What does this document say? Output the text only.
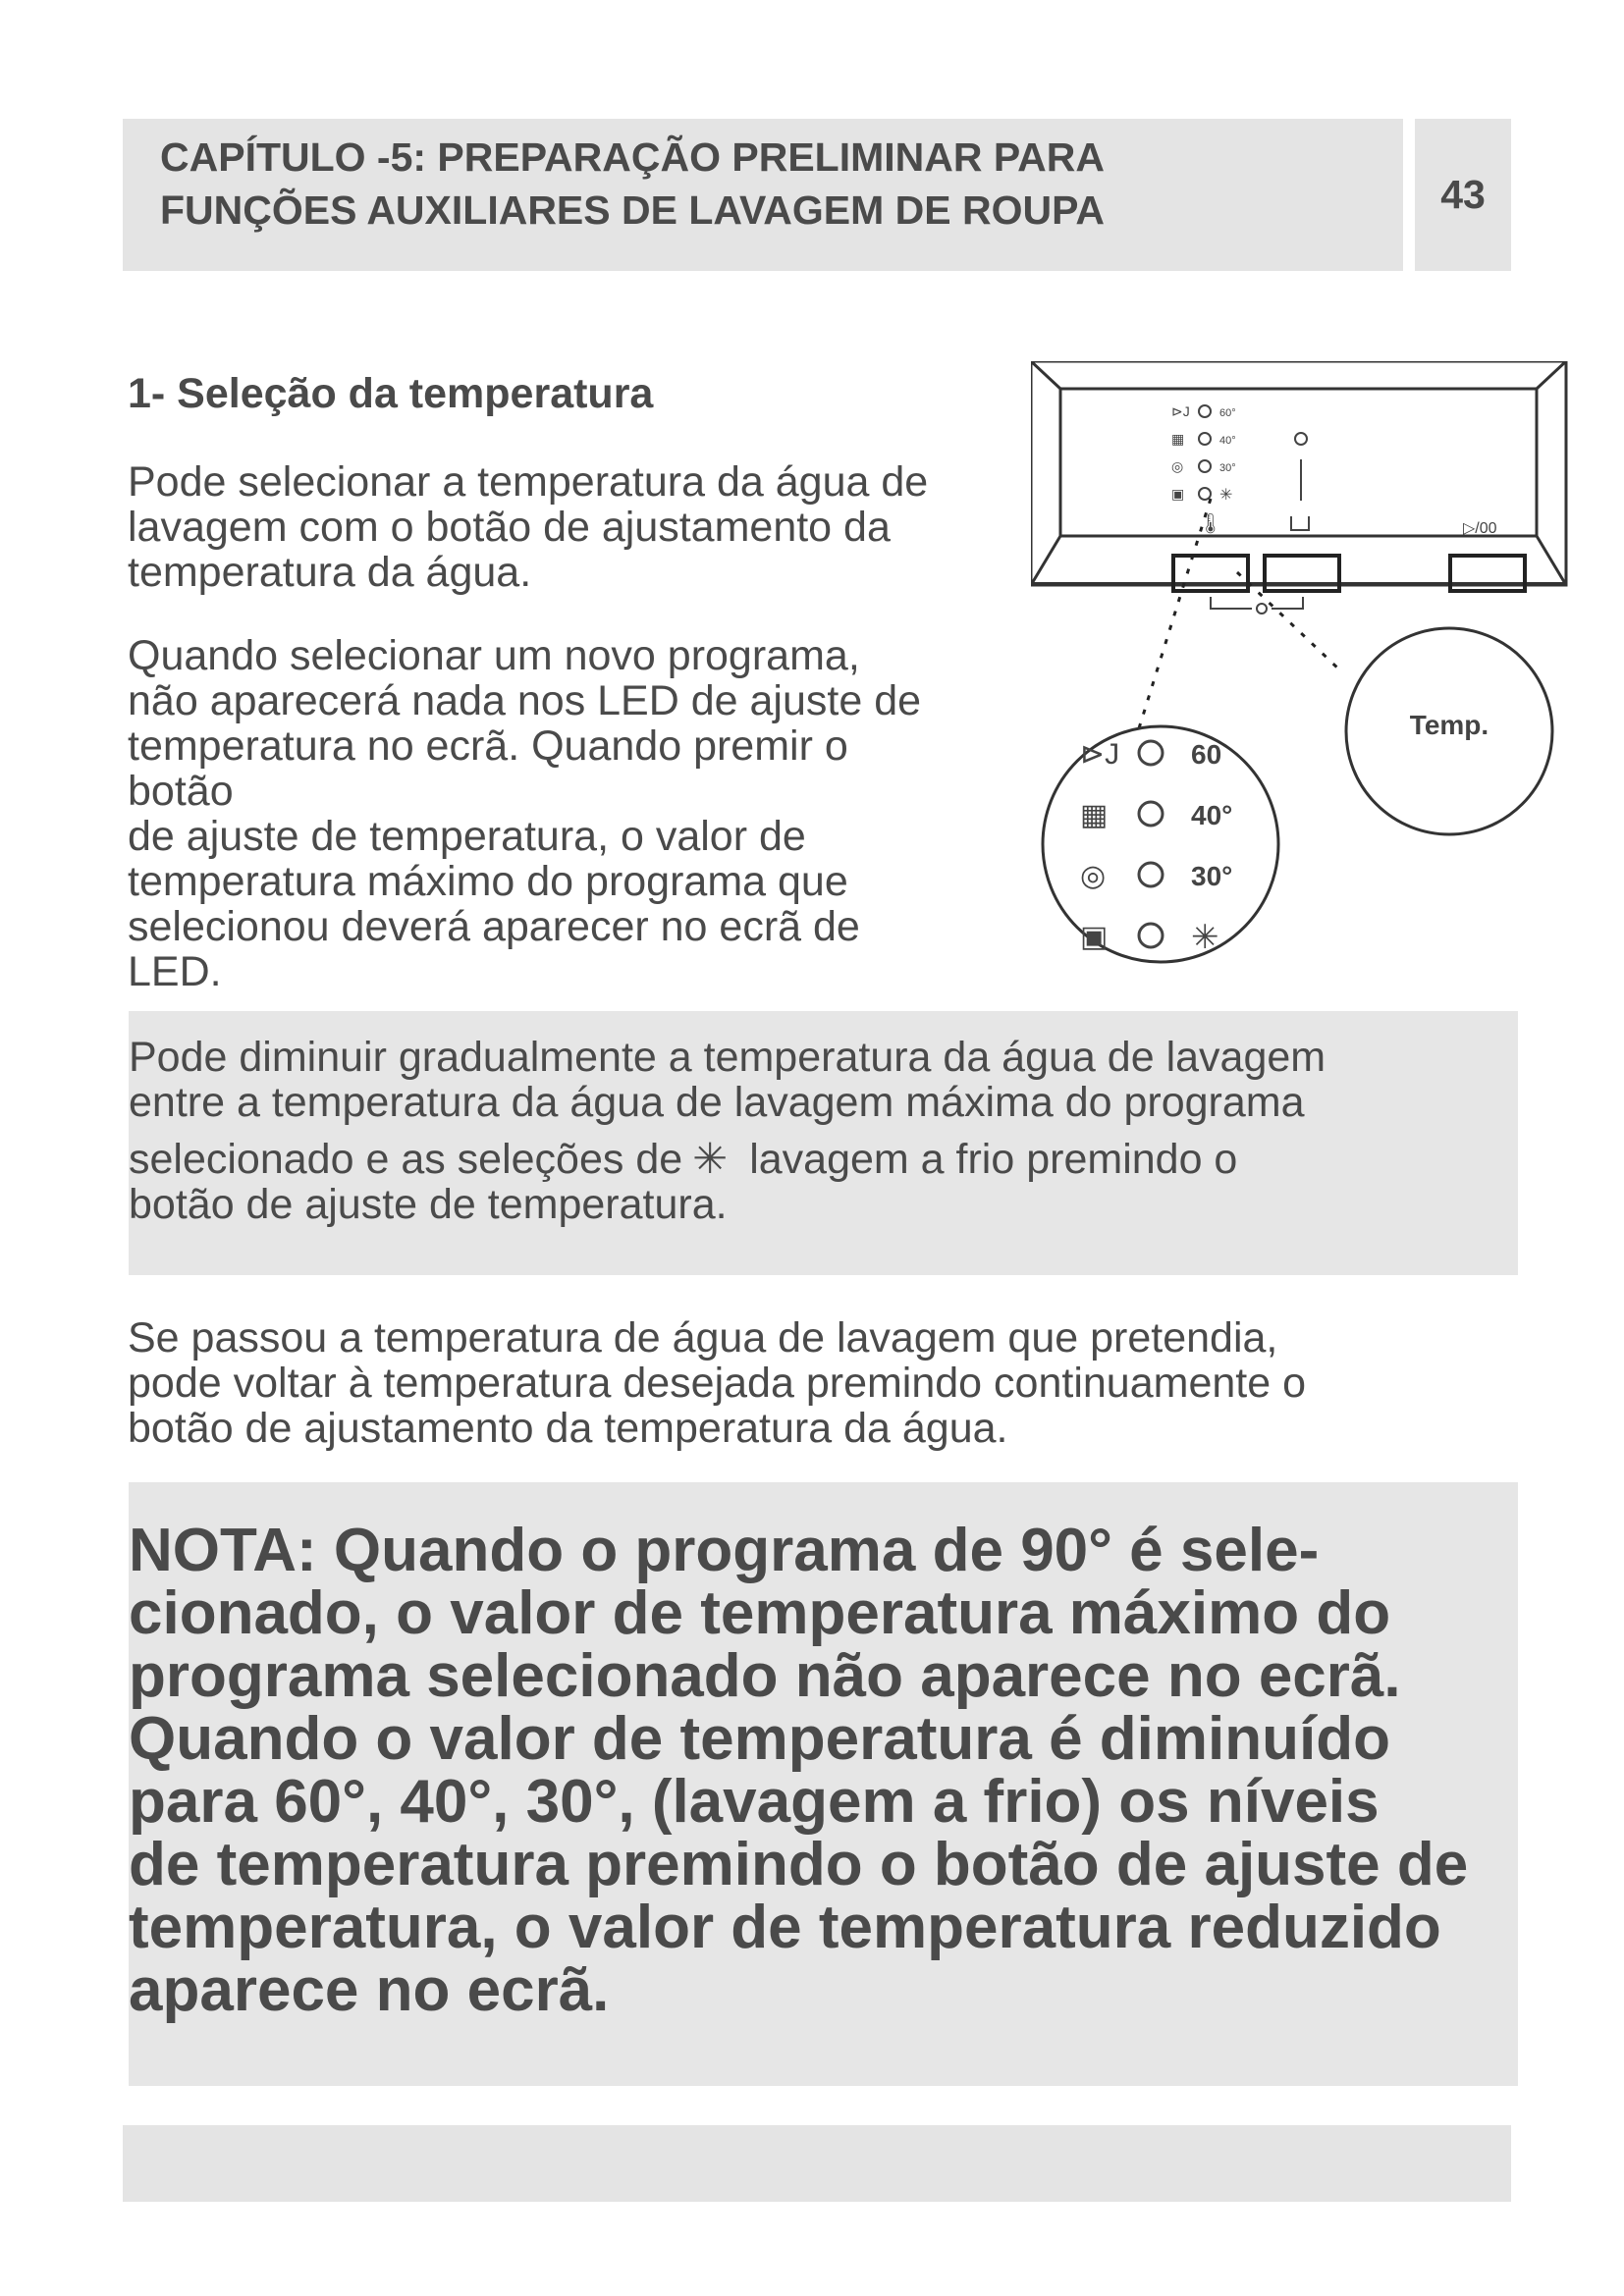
CAPÍTULO -5: PREPARAÇÃO PRELIMINAR PARA
FUNÇÕES AUXILIARES DE LAVAGEM DE ROUPA	43
1- Seleção da temperatura

Pode selecionar a temperatura da água de
lavagem com o botão de ajustamento da
temperatura da água.

Quando selecionar um novo programa,
não aparecerá nada nos LED de ajuste de
temperatura no ecrã. Quando premir o
botão
de ajuste de temperatura, o valor de
temperatura máximo do programa que
selecionou deverá aparecer no ecrã de
LED.

Pode diminuir gradualmente a temperatura da água de lavagem
entre a temperatura da água de lavagem máxima do programa
selecionado e as seleções de ✳ lavagem a frio premindo o
botão de ajuste de temperatura.

Se passou a temperatura de água de lavagem que pretendia,
pode voltar à temperatura desejada premindo continuamente o
botão de ajustamento da temperatura da água.

NOTA: Quando o programa de 90° é sele-
cionado, o valor de temperatura máximo do
programa selecionado não aparece no ecrã.
Quando o valor de temperatura é diminuído
para 60°, 40°, 30°, (lavagem a frio) os níveis
de temperatura premindo o botão de ajuste de
temperatura, o valor de temperatura reduzido
aparece no ecrã.

⊳J	60°
▦	40°
◎	30°
▣ ✳
🌡	▷/00
Temp.
⊳J	60
▦	40°
◎	30°
▣ ✳
